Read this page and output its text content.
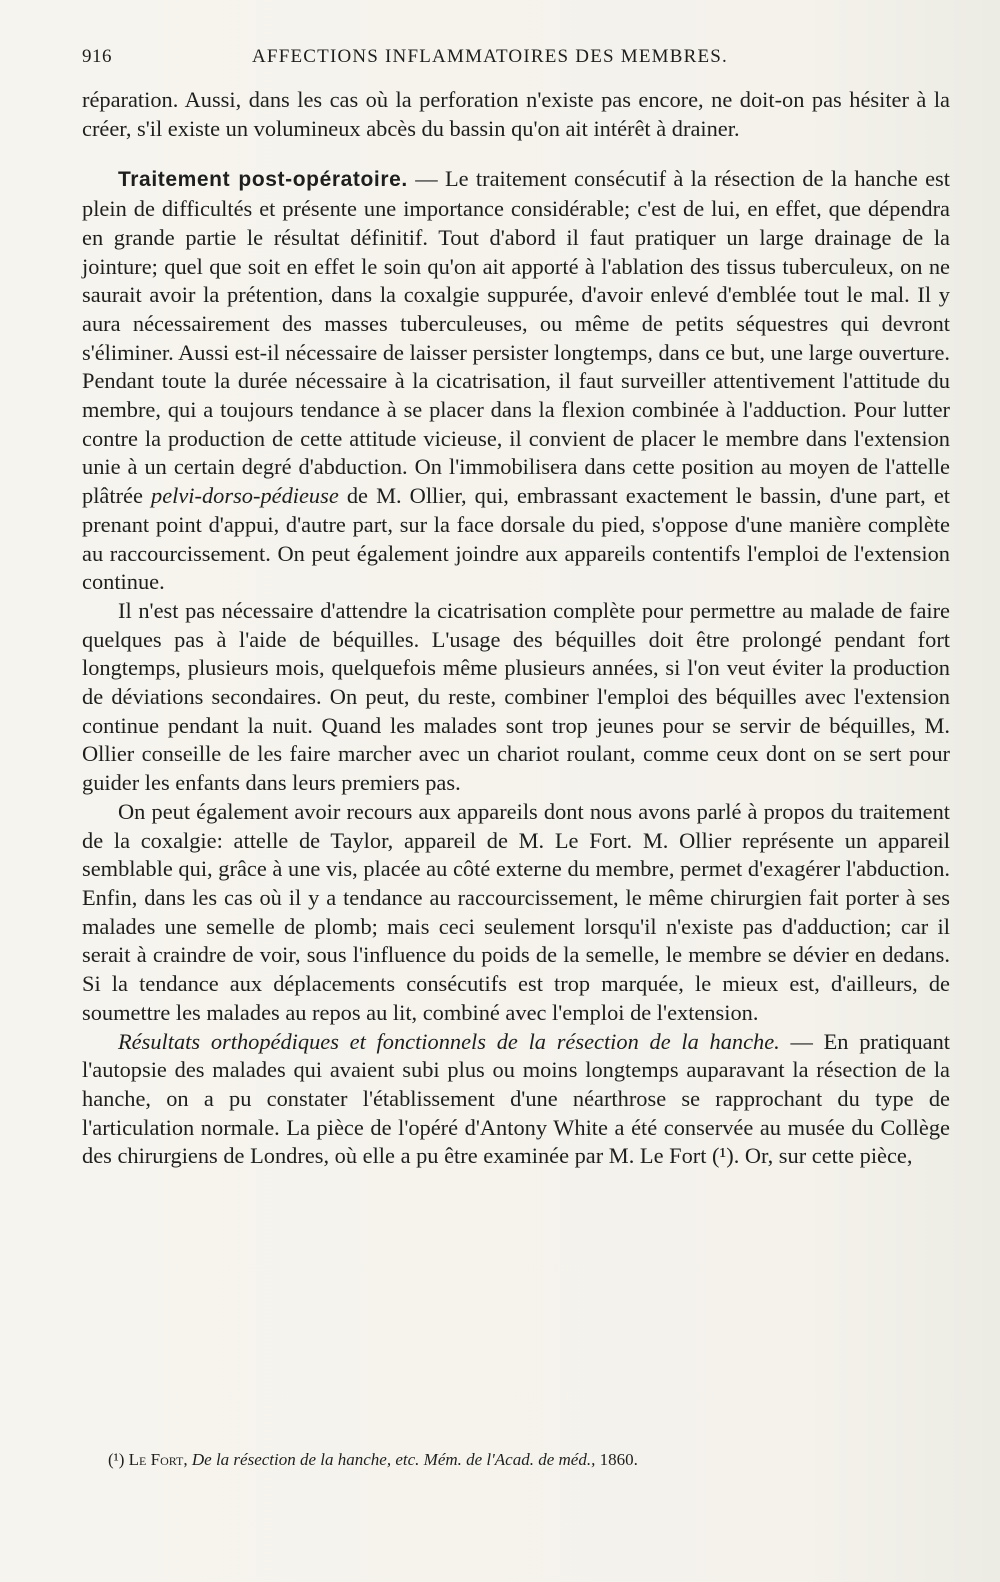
916	AFFECTIONS INFLAMMATOIRES DES MEMBRES.

réparation. Aussi, dans les cas où la perforation n'existe pas encore, ne doit-on pas hésiter à la créer, s'il existe un volumineux abcès du bassin qu'on ait intérêt à drainer.

Traitement post-opératoire. — Le traitement consécutif à la résection de la hanche est plein de difficultés et présente une importance considérable; c'est de lui, en effet, que dépendra en grande partie le résultat définitif. Tout d'abord il faut pratiquer un large drainage de la jointure; quel que soit en effet le soin qu'on ait apporté à l'ablation des tissus tuberculeux, on ne saurait avoir la prétention, dans la coxalgie suppurée, d'avoir enlevé d'emblée tout le mal. Il y aura nécessairement des masses tuberculeuses, ou même de petits séquestres qui devront s'éliminer. Aussi est-il nécessaire de laisser persister longtemps, dans ce but, une large ouverture. Pendant toute la durée nécessaire à la cicatrisation, il faut surveiller attentivement l'attitude du membre, qui a toujours tendance à se placer dans la flexion combinée à l'adduction. Pour lutter contre la production de cette attitude vicieuse, il convient de placer le membre dans l'extension unie à un certain degré d'abduction. On l'immobilisera dans cette position au moyen de l'attelle plâtrée pelvi-dorso-pédieuse de M. Ollier, qui, embrassant exactement le bassin, d'une part, et prenant point d'appui, d'autre part, sur la face dorsale du pied, s'oppose d'une manière complète au raccourcissement. On peut également joindre aux appareils contentifs l'emploi de l'extension continue.

Il n'est pas nécessaire d'attendre la cicatrisation complète pour permettre au malade de faire quelques pas à l'aide de béquilles. L'usage des béquilles doit être prolongé pendant fort longtemps, plusieurs mois, quelquefois même plusieurs années, si l'on veut éviter la production de déviations secondaires. On peut, du reste, combiner l'emploi des béquilles avec l'extension continue pendant la nuit. Quand les malades sont trop jeunes pour se servir de béquilles, M. Ollier conseille de les faire marcher avec un chariot roulant, comme ceux dont on se sert pour guider les enfants dans leurs premiers pas.

On peut également avoir recours aux appareils dont nous avons parlé à propos du traitement de la coxalgie: attelle de Taylor, appareil de M. Le Fort. M. Ollier représente un appareil semblable qui, grâce à une vis, placée au côté externe du membre, permet d'exagérer l'abduction. Enfin, dans les cas où il y a tendance au raccourcissement, le même chirurgien fait porter à ses malades une semelle de plomb; mais ceci seulement lorsqu'il n'existe pas d'adduction; car il serait à craindre de voir, sous l'influence du poids de la semelle, le membre se dévier en dedans. Si la tendance aux déplacements consécutifs est trop marquée, le mieux est, d'ailleurs, de soumettre les malades au repos au lit, combiné avec l'emploi de l'extension.

Résultats orthopédiques et fonctionnels de la résection de la hanche. — En pratiquant l'autopsie des malades qui avaient subi plus ou moins longtemps auparavant la résection de la hanche, on a pu constater l'établissement d'une néarthrose se rapprochant du type de l'articulation normale. La pièce de l'opéré d'Antony White a été conservée au musée du Collège des chirurgiens de Londres, où elle a pu être examinée par M. Le Fort (¹). Or, sur cette pièce,

(¹) Le Fort, De la résection de la hanche, etc. Mém. de l'Acad. de méd., 1860.
